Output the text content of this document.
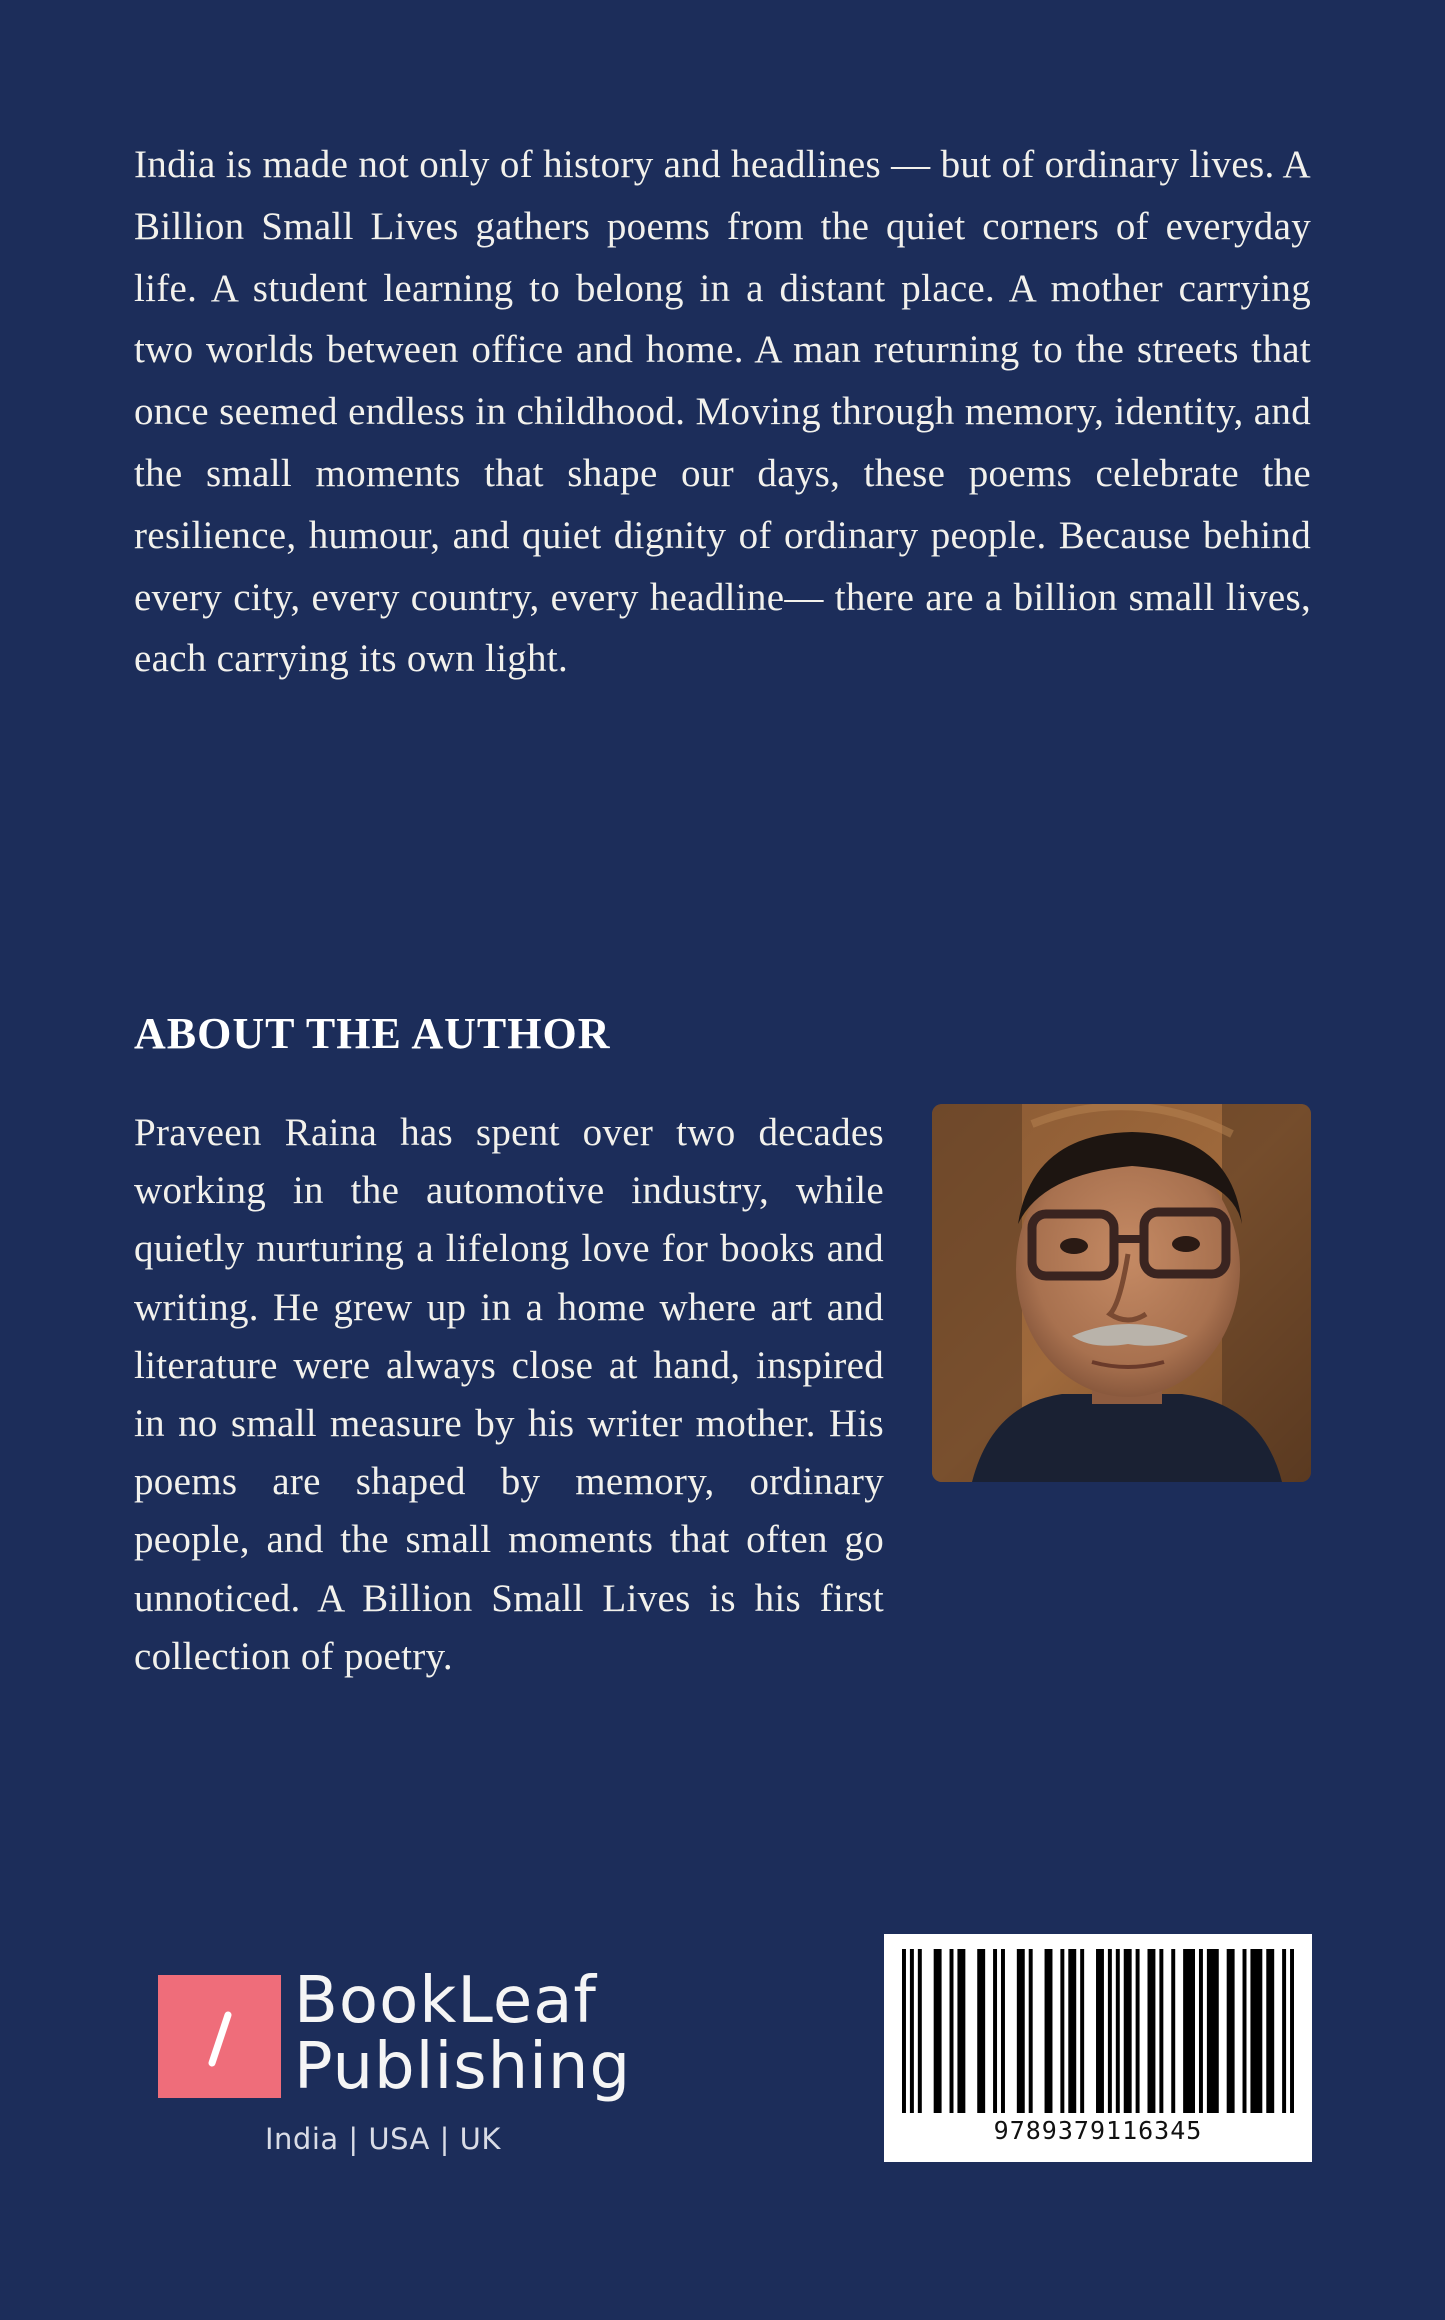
India is made not only of history and headlines — but of ordinary lives. A Billion Small Lives gathers poems from the quiet corners of everyday life. A student learning to belong in a distant place. A mother carrying two worlds between office and home. A man returning to the streets that once seemed endless in childhood. Moving through memory, identity, and the small moments that shape our days, these poems celebrate the resilience, humour, and quiet dignity of ordinary people. Because behind every city, every country, every headline— there are a billion small lives, each carrying its own light.

ABOUT THE AUTHOR

Praveen Raina has spent over two decades working in the automotive industry, while quietly nurturing a lifelong love for books and writing. He grew up in a home where art and literature were always close at hand, inspired in no small measure by his writer mother. His poems are shaped by memory, ordinary people, and the small moments that often go unnoticed. A Billion Small Lives is his first collection of poetry.

BookLeaf
Publishing
India | USA | UK	9789379116345
